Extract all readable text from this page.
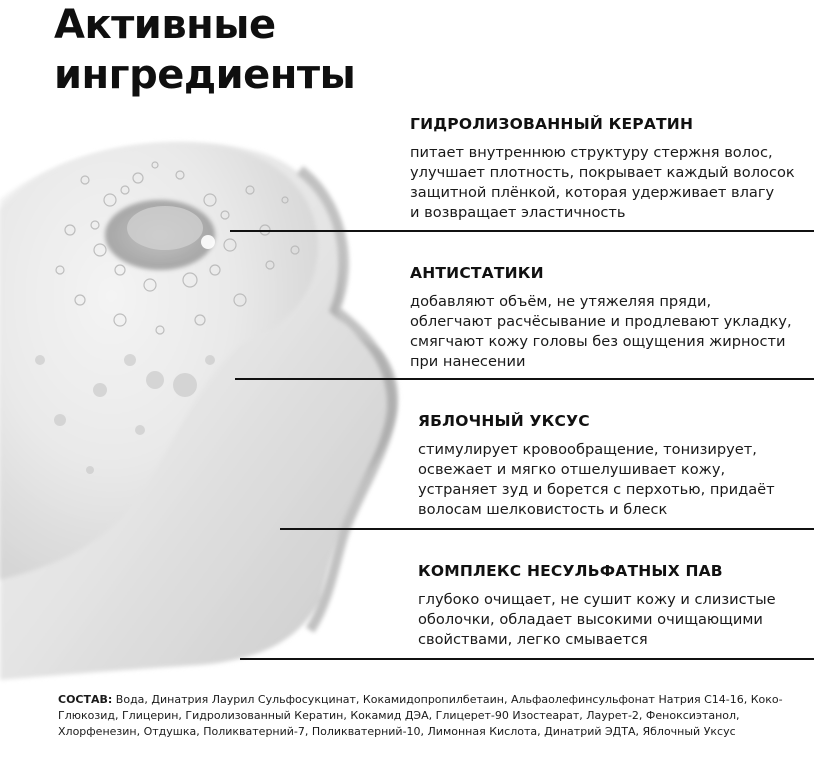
Активные
ингредиенты
ГИДРОЛИЗОВАННЫЙ КЕРАТИН

питает внутреннюю структуру стержня волос,
улучшает плотность, покрывает каждый волосок
защитной плёнкой, которая удерживает влагу
и возвращает эластичность

АНТИСТАТИКИ

добавляют объём, не утяжеляя пряди,
облегчают расчёсывание и продлевают укладку,
смягчают кожу головы без ощущения жирности
при нанесении

ЯБЛОЧНЫЙ УКСУС

стимулирует кровообращение, тонизирует,
освежает и мягко отшелушивает кожу,
устраняет зуд и борется с перхотью, придаёт
волосам шелковистость и блеск

КОМПЛЕКС НЕСУЛЬФАТНЫХ ПАВ

глубоко очищает, не сушит кожу и слизистые
оболочки, обладает высокими очищающими
свойствами, легко смывается

СОСТАВ: Вода, Динатрия Лаурил Сульфосукцинат, Кокамидопропилбетаин, Альфаолефинсульфонат Натрия С14-16, Коко-Глюкозид, Глицерин, Гидролизованный Кератин, Кокамид ДЭА, Глицерет-90 Изостеарат, Лаурет-2, Феноксиэтанол, Хлорфенезин, Отдушка, Поликватерний-7, Поликватерний-10, Лимонная Кислота, Динатрий ЭДТА, Яблочный Уксус
